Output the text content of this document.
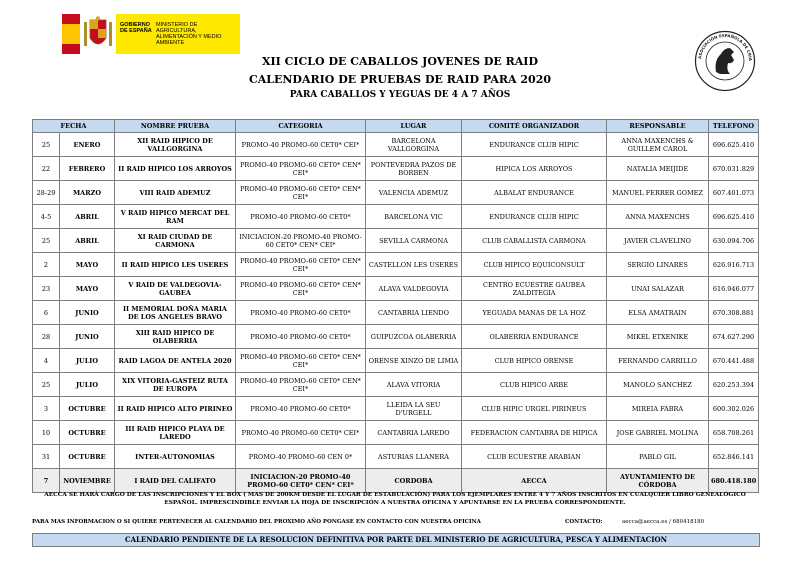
GOBIERNO DE ESPAÑA
MINISTERIO DE AGRICULTURA, ALIMENTACIÓN Y MEDIO AMBIENTE
ASOCIACIÓN ESPAÑOLA DE CRIA
XII CICLO DE CABALLOS JOVENES DE RAID
CALENDARIO DE PRUEBAS DE RAID PARA 2020
PARA CABALLOS Y YEGUAS DE 4 A 7 AÑOS
FECHA		NOMBRE PRUEBA	CATEGORIA	LUGAR	COMITÉ ORGANIZADOR	RESPONSABLE	TELEFONO
25	ENERO	XII RAID HIPICO DE VALLGORGINA	PROMO-40 PROMO-60 CET0* CEI*	BARCELONA VALLGORGINA	ENDURANCE CLUB HIPIC	ANNA MAXENCHS & GUILLEM CAROL	696.625.410
22	FEBRERO	II RAID HIPICO LOS ARROYOS	PROMO-40 PROMO-60 CET0* CEN* CEI*	PONTEVEDRA PAZOS DE BORBEN	HIPICA LOS ARROYOS	NATALIA MEIJIDE	670.031.829
28-29	MARZO	VIII RAID ADEMUZ	PROMO-40 PROMO-60 CET0* CEN* CEI*	VALENCIA ADEMUZ	ALBALAT ENDURANCE	MANUEL FERRER GOMEZ	607.401.073
4-5	ABRIL	V RAID HIPICO MERCAT DEL RAM	PROMO-40 PROMO-60 CET0*	BARCELONA VIC	ENDURANCE CLUB HIPIC	ANNA MAXENCHS	696.625.410
25	ABRIL	XI RAID CIUDAD DE CARMONA	INICIACION-20 PROMO-40 PROMO-60 CET0* CEN* CEI*	SEVILLA CARMONA	CLUB CABALLISTA CARMONA	JAVIER CLAVELINO	630.094.706
2	MAYO	II RAID HIPICO LES USERES	PROMO-40 PROMO-60 CET0* CEN* CEI*	CASTELLON LES USERES	CLUB HIPICO EQUICONSULT	SERGIO LINARES	626.916.713
23	MAYO	V RAID DE VALDEGOVIA-GAUBEA	PROMO-40 PROMO-60 CET0* CEN* CEI*	ALAVA VALDEGOVIA	CENTRO ECUESTRE GAUBEA ZALDITEGIA	UNAI SALAZAR	616.946.077
6	JUNIO	II MEMORIAL DOÑA MARIA DE LOS ANGELES BRAVO	PROMO-40 PROMO-60 CET0*	CANTABRIA LIENDO	YEGUADA MANAS DE LA HOZ	ELSA AMATRAIN	670.308.881
28	JUNIO	XIII RAID HIPICO DE OLABERRIA	PROMO-40 PROMO-60 CET0*	GUIPUZCOA OLABERRIA	OLABERRIA ENDURANCE	MIKEL ETXENIKE	674.627.290
4	JULIO	RAID LAGOA DE ANTELA 2020	PROMO-40 PROMO-60 CET0* CEN* CEI*	ORENSE XINZO DE LIMIA	CLUB HIPICO ORENSE	FERNANDO CARRILLO	670.441.488
25	JULIO	XIX VITORIA-GASTEIZ RUTA DE EUROPA	PROMO-40 PROMO-60 CET0* CEN* CEI*	ALAVA VITORIA	CLUB HIPICO ARBE	MANOLO SANCHEZ	620.253.394
3	OCTUBRE	II RAID HIPICO ALTO PIRINEO	PROMO-40 PROMO-60 CET0*	LLEIDA LA SEU D'URGELL	CLUB HIPIC URGEL PIRINEUS	MIREIA FABRA	600.302.026
10	OCTUBRE	III RAID HIPICO PLAYA DE LAREDO	PROMO-40 PROMO-60 CET0* CEI*	CANTABRIA LAREDO	FEDERACION CANTABRA DE HIPICA	JOSE GABRIEL MOLINA	658.708.261
31	OCTUBRE	INTER-AUTONOMIAS	PROMO-40 PROMO-60 CEN 0*	ASTURIAS LLANERA	CLUB ECUESTRE ARABIAN	PABLO GIL	652.846.141
7	NOVIEMBRE	I RAID DEL CALIFATO	INICIACION-20 PROMO-40 PROMO-60 CET0* CEN* CEI*	CORDOBA	AECCA	AYUNTAMIENTO DE CÓRDOBA	680.418.180
AECCA SE HARÁ CARGO DE LAS INSCRIPCIONES Y EL BOX ( MAS DE 200KM DESDE EL LUGAR DE ESTABULACIÓN) PARA LOS EJEMPLARES ENTRE 4 Y 7 AÑOS INSCRITOS EN CUALQUIER LIBRO GENEALÓGICO ESPAÑOL. IMPRESCINDIBLE ENVIAR LA HOJA DE INSCRIPCIÓN A NUESTRA OFICINA Y APUNTARSE EN LA PRUEBA CORRESPONDIENTE.
PARA MAS INFORMACION O SI QUIERE PERTENECER AL CALENDARIO DEL PROXIMO AÑO PONGASE EN CONTACTO CON NUESTRA OFICINA	CONTACTO:	aecca@aecca.es / 680418180
CALENDARIO PENDIENTE DE LA RESOLUCION DEFINITIVA POR PARTE DEL MINISTERIO DE AGRICULTURA, PESCA Y ALIMENTACION
